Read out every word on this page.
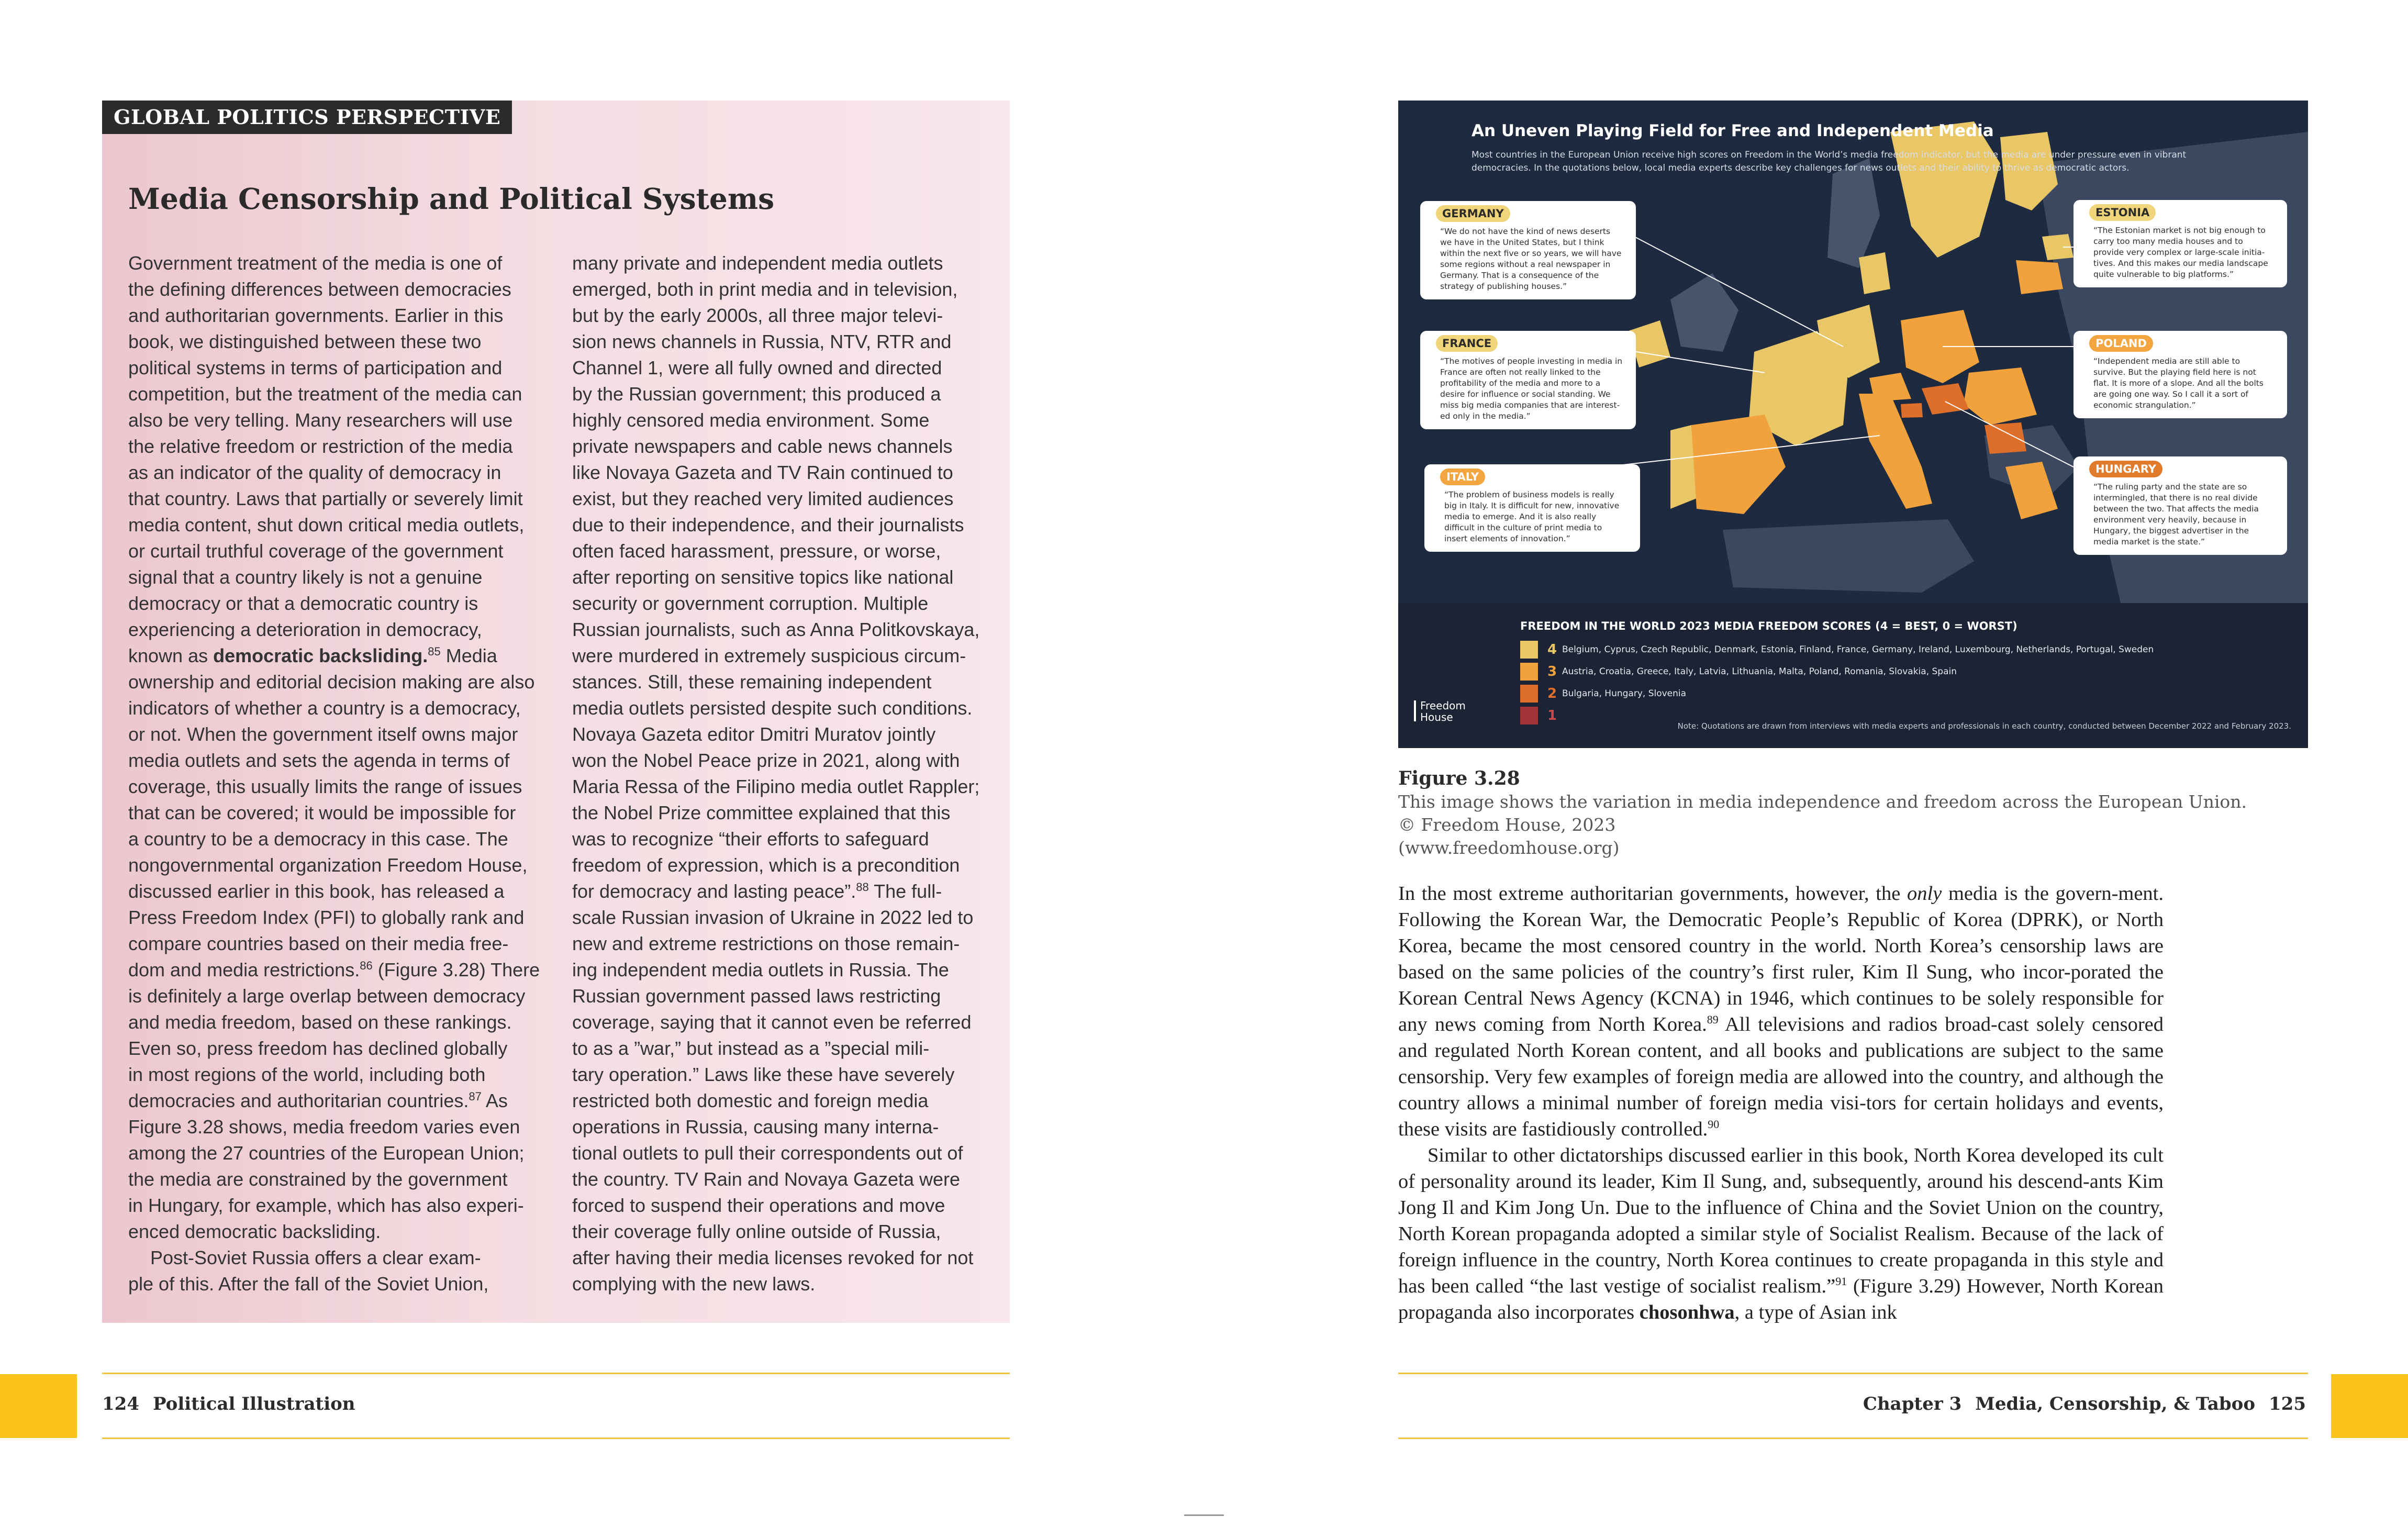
GLOBAL POLITICS PERSPECTIVE
Media Censorship and Political Systems

Government treatment of the media is one of
the defining differences between democracies
and authoritarian governments. Earlier in this
book, we distinguished between these two
political systems in terms of participation and
competition, but the treatment of the media can
also be very telling. Many researchers will use
the relative freedom or restriction of the media
as an indicator of the quality of democracy in
that country. Laws that partially or severely limit
media content, shut down critical media outlets,
or curtail truthful coverage of the government
signal that a country likely is not a genuine
democracy or that a democratic country is
experiencing a deterioration in democracy,
known as democratic backsliding.$^{85}$ Media
ownership and editorial decision making are also
indicators of whether a country is a democracy,
or not. When the government itself owns major
media outlets and sets the agenda in terms of
coverage, this usually limits the range of issues
that can be covered; it would be impossible for
a country to be a democracy in this case. The
nongovernmental organization Freedom House,
discussed earlier in this book, has released a
Press Freedom Index (PFI) to globally rank and
compare countries based on their media free-
dom and media restrictions.$^{86}$ (Figure 3.28) There
is definitely a large overlap between democracy
and media freedom, based on these rankings.
Even so, press freedom has declined globally
in most regions of the world, including both
democracies and authoritarian countries.$^{87}$ As
Figure 3.28 shows, media freedom varies even
among the 27 countries of the European Union;
the media are constrained by the government
in Hungary, for example, which has also experi-
enced democratic backsliding.

Post-Soviet Russia offers a clear exam-
ple of this. After the fall of the Soviet Union,

many private and independent media outlets
emerged, both in print media and in television,
but by the early 2000s, all three major televi-
sion news channels in Russia, NTV, RTR and
Channel 1, were all fully owned and directed
by the Russian government; this produced a
highly censored media environment. Some
private newspapers and cable news channels
like Novaya Gazeta and TV Rain continued to
exist, but they reached very limited audiences
due to their independence, and their journalists
often faced harassment, pressure, or worse,
after reporting on sensitive topics like national
security or government corruption. Multiple
Russian journalists, such as Anna Politkovskaya,
were murdered in extremely suspicious circum-
stances. Still, these remaining independent
media outlets persisted despite such conditions.
Novaya Gazeta editor Dmitri Muratov jointly
won the Nobel Peace prize in 2021, along with
Maria Ressa of the Filipino media outlet Rappler;
the Nobel Prize committee explained that this
was to recognize “their efforts to safeguard
freedom of expression, which is a precondition
for democracy and lasting peace”.$^{88}$ The full-
scale Russian invasion of Ukraine in 2022 led to
new and extreme restrictions on those remain-
ing independent media outlets in Russia. The
Russian government passed laws restricting
coverage, saying that it cannot even be referred
to as a ”war,” but instead as a ”special mili-
tary operation.” Laws like these have severely
restricted both domestic and foreign media
operations in Russia, causing many interna-
tional outlets to pull their correspondents out of
the country. TV Rain and Novaya Gazeta were
forced to suspend their operations and move
their coverage fully online outside of Russia,
after having their media licenses revoked for not
complying with the new laws.

124 Political Illustration
An Uneven Playing Field for Free and Independent Media
Most countries in the European Union receive high scores on Freedom in the World’s media freedom indicator, but the media are under pressure even in vibrant democracies. In the quotations below, local media experts describe key challenges for news outlets and their ability to thrive as democratic actors.
GERMANY
“We do not have the kind of news deserts
we have in the United States, but I think
within the next five or so years, we will have
some regions without a real newspaper in
Germany. That is a consequence of the
strategy of publishing houses.”
FRANCE
“The motives of people investing in media in
France are often not really linked to the
profitability of the media and more to a
desire for influence or social standing. We
miss big media companies that are interest-
ed only in the media.”
ITALY
“The problem of business models is really
big in Italy. It is difficult for new, innovative
media to emerge. And it is also really
difficult in the culture of print media to
insert elements of innovation.”
ESTONIA
“The Estonian market is not big enough to
carry too many media houses and to
provide very complex or large-scale initia-
tives. And this makes our media landscape
quite vulnerable to big platforms.”
POLAND
“Independent media are still able to
survive. But the playing field here is not
flat. It is more of a slope. And all the bolts
are going one way. So I call it a sort of
economic strangulation.”
HUNGARY
“The ruling party and the state are so
intermingled, that there is no real divide
between the two. That affects the media
environment very heavily, because in
Hungary, the biggest advertiser in the
media market is the state.”
FREEDOM IN THE WORLD 2023 MEDIA FREEDOM SCORES (4 = BEST, 0 = WORST)
4 Belgium, Cyprus, Czech Republic, Denmark, Estonia, Finland, France, Germany, Ireland, Luxembourg, Netherlands, Portugal, Sweden
3 Austria, Croatia, Greece, Italy, Latvia, Lithuania, Malta, Poland, Romania, Slovakia, Spain
2 Bulgaria, Hungary, Slovenia
1
Freedom
House
Note: Quotations are drawn from interviews with media experts and professionals in each country, conducted between December 2022 and February 2023.
Figure 3.28
This image shows the variation in media independence and freedom across the European Union.
© Freedom House, 2023
(www.freedomhouse.org)

In the most extreme authoritarian governments, however, the only media is the govern-ment. Following the Korean War, the Democratic People’s Republic of Korea (DPRK), or North Korea, became the most censored country in the world. North Korea’s censorship laws are based on the same policies of the country’s first ruler, Kim Il Sung, who incor-porated the Korean Central News Agency (KCNA) in 1946, which continues to be solely responsible for any news coming from North Korea.$^{89}$ All televisions and radios broad-cast solely censored and regulated North Korean content, and all books and publications are subject to the same censorship. Very few examples of foreign media are allowed into the country, and although the country allows a minimal number of foreign media visi-tors for certain holidays and events, these visits are fastidiously controlled.$^{90}$

Similar to other dictatorships discussed earlier in this book, North Korea developed its cult of personality around its leader, Kim Il Sung, and, subsequently, around his descend-ants Kim Jong Il and Kim Jong Un. Due to the influence of China and the Soviet Union on the country, North Korean propaganda adopted a similar style of Socialist Realism. Because of the lack of foreign influence in the country, North Korea continues to create propaganda in this style and has been called “the last vestige of socialist realism.”$^{91}$ (Figure 3.29) However, North Korean propaganda also incorporates chosonhwa, a type of Asian ink

Chapter 3 Media, Censorship, & Taboo 125
